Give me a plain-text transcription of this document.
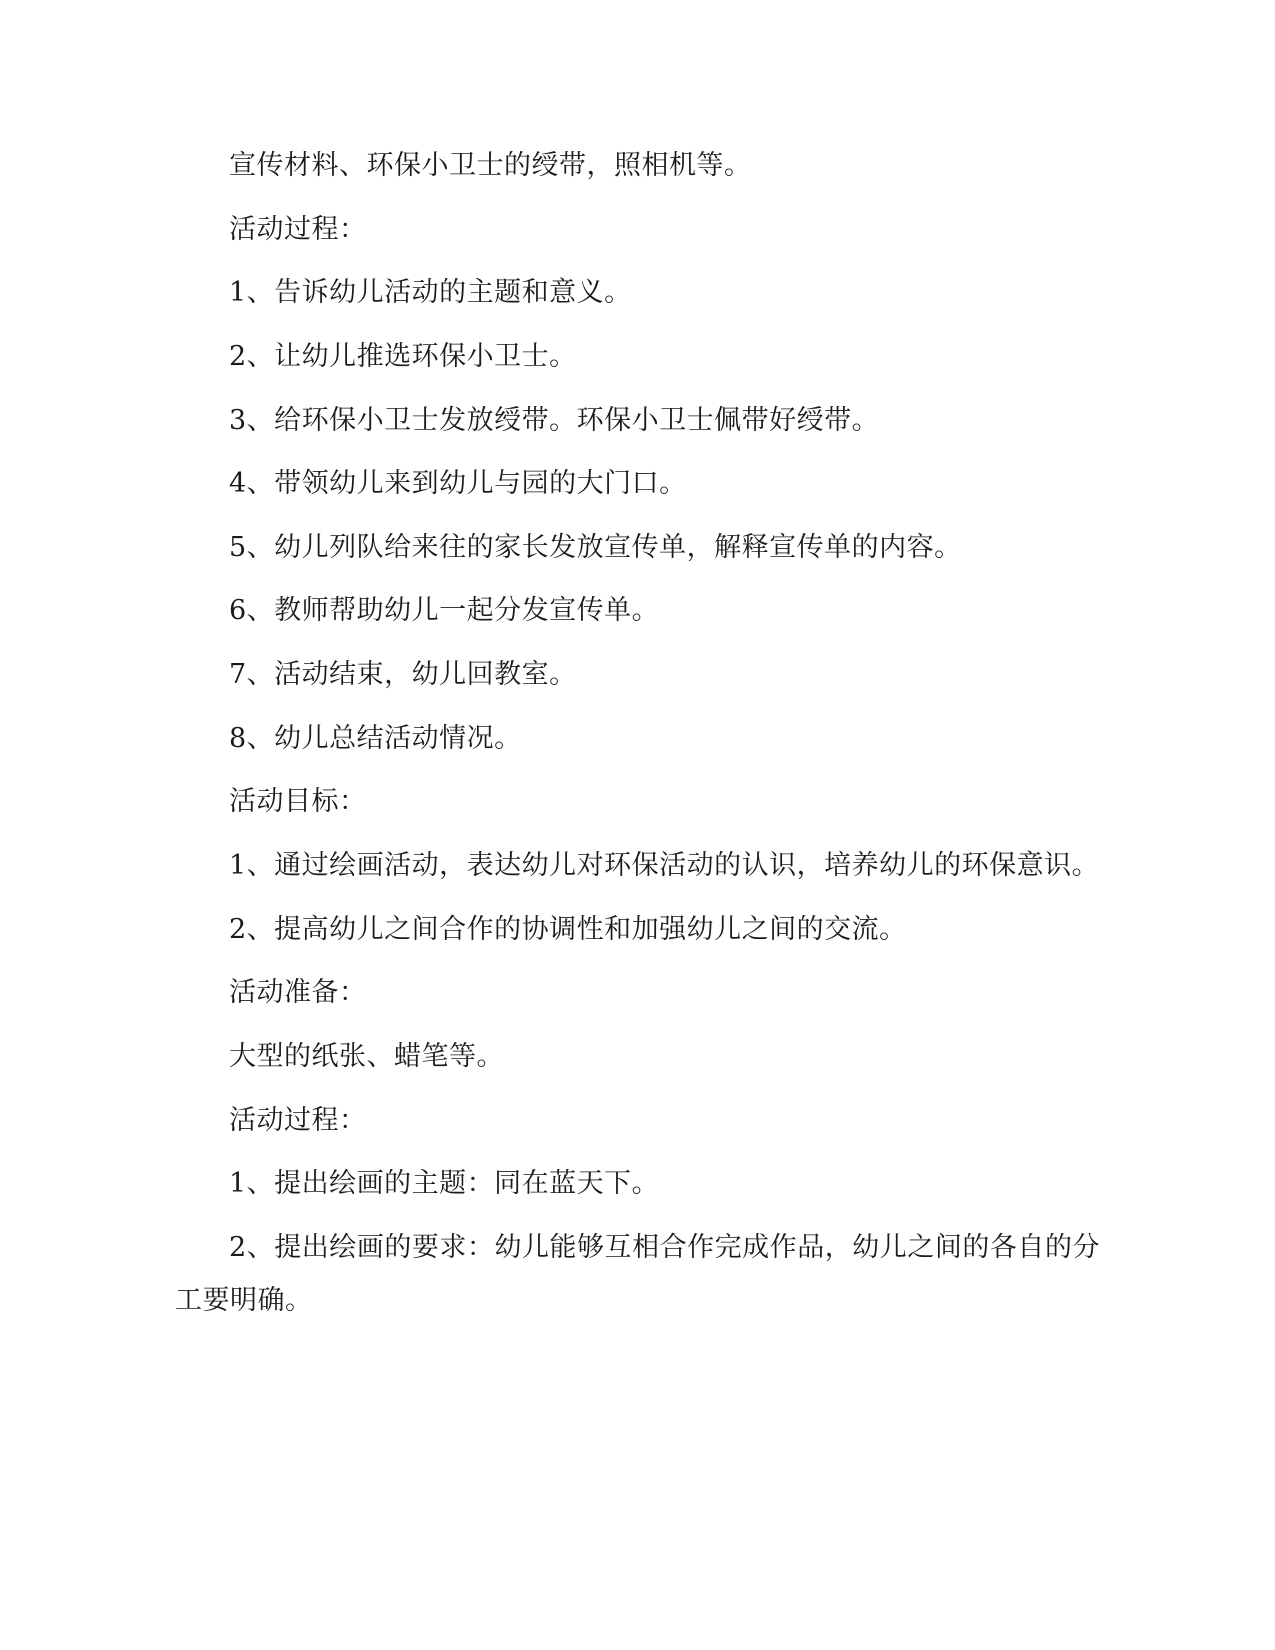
宣传材料、环保小卫士的绶带，照相机等。

活动过程：

1、告诉幼儿活动的主题和意义。

2、让幼儿推选环保小卫士。

3、给环保小卫士发放绶带。环保小卫士佩带好绶带。

4、带领幼儿来到幼儿与园的大门口。

5、幼儿列队给来往的家长发放宣传单，解释宣传单的内容。

6、教师帮助幼儿一起分发宣传单。

7、活动结束，幼儿回教室。

8、幼儿总结活动情况。

活动目标：

1、通过绘画活动，表达幼儿对环保活动的认识，培养幼儿的环保意识。

2、提高幼儿之间合作的协调性和加强幼儿之间的交流。

活动准备：

大型的纸张、蜡笔等。

活动过程：

1、提出绘画的主题：同在蓝天下。

2、提出绘画的要求：幼儿能够互相合作完成作品，幼儿之间的各自的分工要明确。
